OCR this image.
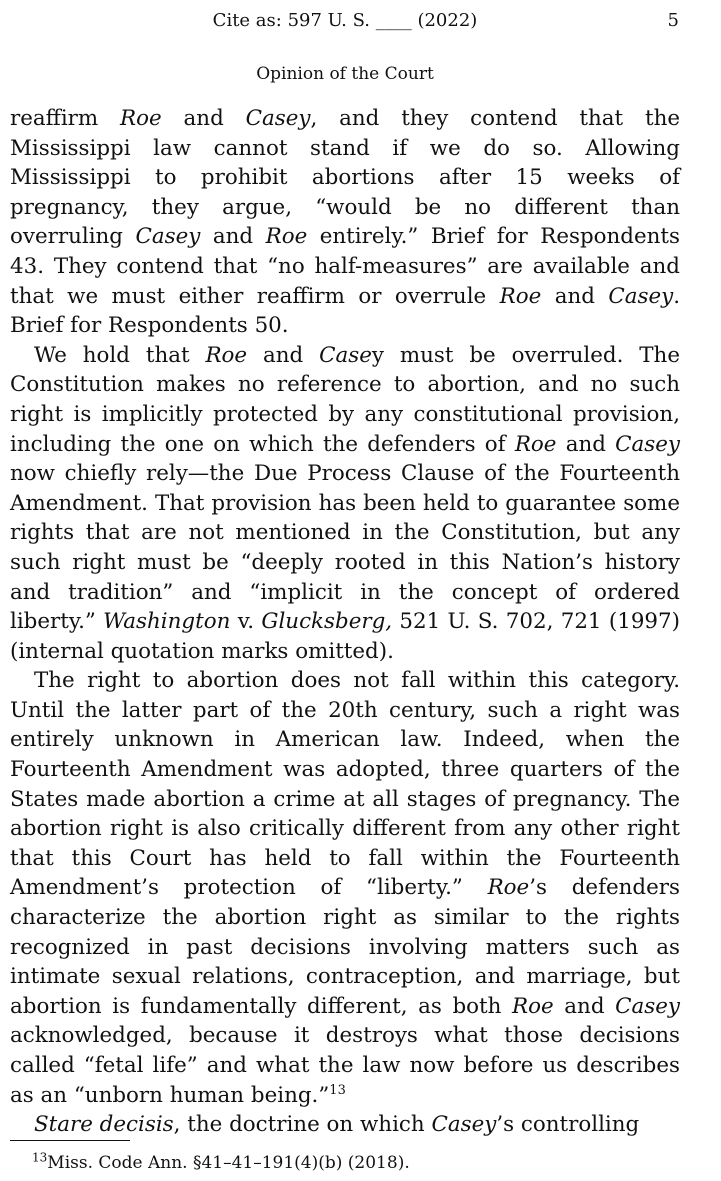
Cite as: 597 U. S. ____ (2022)	5
Opinion of the Court

reaffirm Roe and Casey, and they contend that the Mississippi law cannot stand if we do so. Allowing Mississippi to prohibit abortions after 15 weeks of pregnancy, they argue, “would be no different than overruling Casey and Roe entirely.” Brief for Respondents 43. They contend that “no half-measures” are available and that we must either reaffirm or overrule Roe and Casey. Brief for Respondents 50.

We hold that Roe and Casey must be overruled. The Constitution makes no reference to abortion, and no such right is implicitly protected by any constitutional provision, including the one on which the defenders of Roe and Casey now chiefly rely—the Due Process Clause of the Fourteenth Amendment. That provision has been held to guarantee some rights that are not mentioned in the Constitution, but any such right must be “deeply rooted in this Nation’s history and tradition” and “implicit in the concept of ordered liberty.” Washington v. Glucksberg, 521 U. S. 702, 721 (1997) (internal quotation marks omitted).

The right to abortion does not fall within this category. Until the latter part of the 20th century, such a right was entirely unknown in American law. Indeed, when the Fourteenth Amendment was adopted, three quarters of the States made abortion a crime at all stages of pregnancy. The abortion right is also critically different from any other right that this Court has held to fall within the Fourteenth Amendment’s protection of “liberty.” Roe’s defenders characterize the abortion right as similar to the rights recognized in past decisions involving matters such as intimate sexual relations, contraception, and marriage, but abortion is fundamentally different, as both Roe and Casey acknowledged, because it destroys what those decisions called “fetal life” and what the law now before us describes as an “unborn human being.”$^{13}$

Stare decisis, the doctrine on which Casey’s controlling

$^{13}$Miss. Code Ann. §41–41–191(4)(b) (2018).
